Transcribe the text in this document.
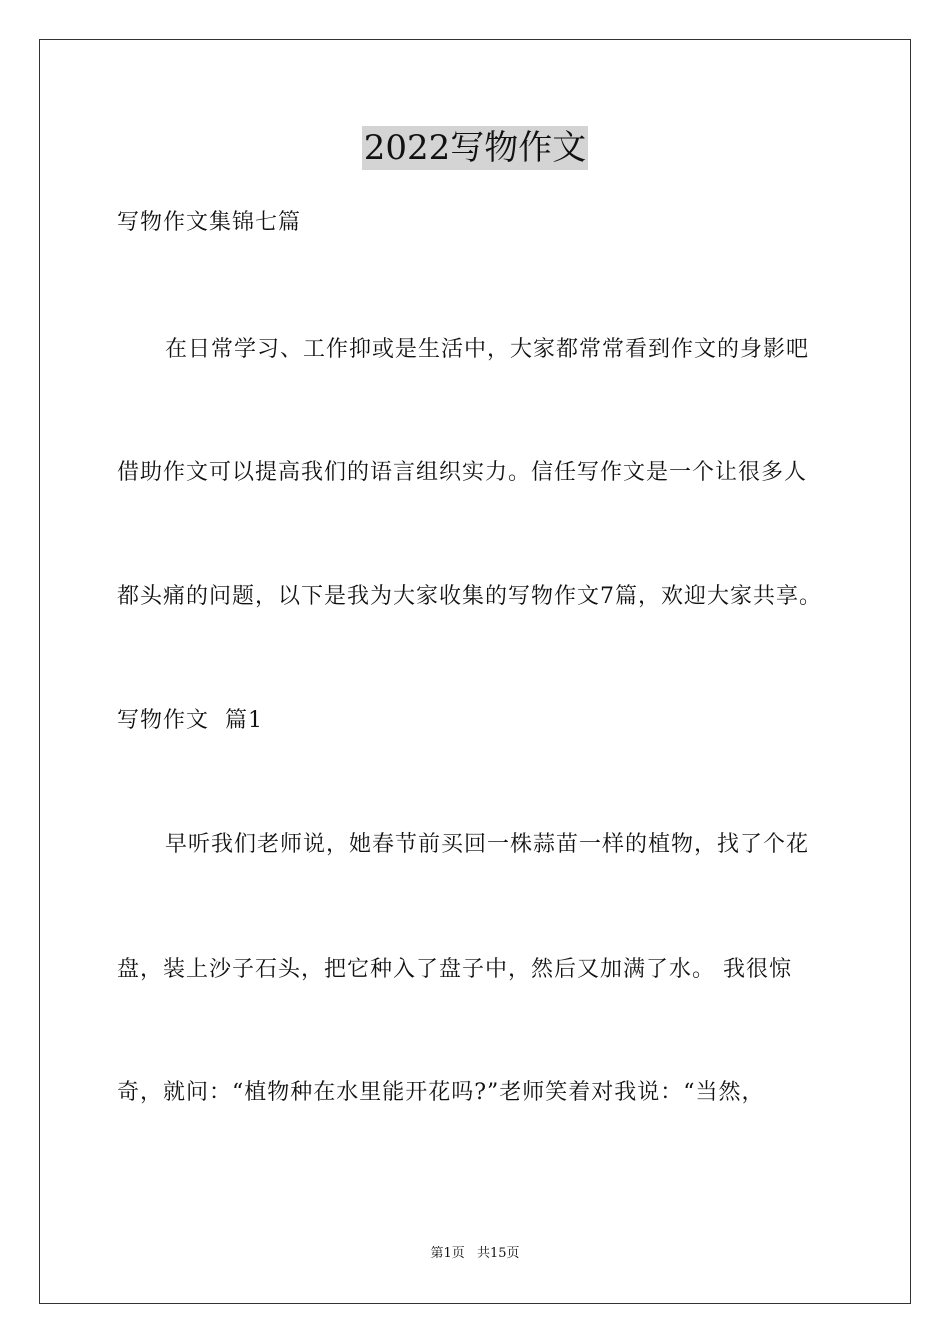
2022写物作文
写物作文集锦七篇
在日常学习、工作抑或是生活中，大家都常常看到作文的身影吧
借助作文可以提高我们的语言组织实力。信任写作文是一个让很多人
都头痛的问题，以下是我为大家收集的写物作文7篇，欢迎大家共享。
写物作文  篇1
早听我们老师说，她春节前买回一株蒜苗一样的植物，找了个花
盘，装上沙子石头，把它种入了盘子中，然后又加满了水。 我很惊
奇，就问：“植物种在水里能开花吗?”老师笑着对我说：“当然，
第1页 共15页
